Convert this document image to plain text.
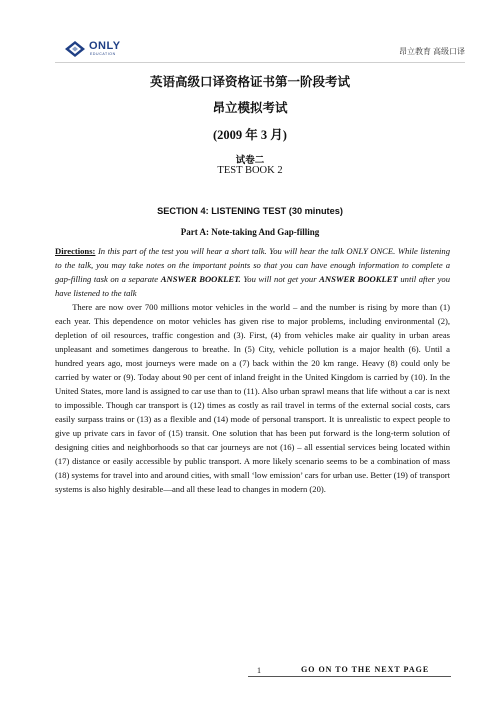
ONLY
EDUCATION	昂立教育 高级口译
英语高级口译资格证书第一阶段考试
昂立模拟考试
(2009 年 3 月)
试卷二
TEST BOOK 2
SECTION 4: LISTENING TEST (30 minutes)
Part A: Note-taking And Gap-filling
Directions: In this part of the test you will hear a short talk. You will hear the talk ONLY ONCE. While listening to the talk, you may take notes on the important points so that you can have enough information to complete a gap-filling task on a separate ANSWER BOOKLET. You will not get your ANSWER BOOKLET until after you have listened to the talk

There are now over 700 millions motor vehicles in the world – and the number is rising by more than (1) each year. This dependence on motor vehicles has given rise to major problems, including environmental (2), depletion of oil resources, traffic congestion and (3). First, (4) from vehicles make air quality in urban areas unpleasant and sometimes dangerous to breathe. In (5) City, vehicle pollution is a major health (6). Until a hundred years ago, most journeys were made on a (7) back within the 20 km range. Heavy (8) could only be carried by water or (9). Today about 90 per cent of inland freight in the United Kingdom is carried by (10). In the United States, more land is assigned to car use than to (11). Also urban sprawl means that life without a car is next to impossible. Though car transport is (12) times as costly as rail travel in terms of the external social costs, cars easily surpass trains or (13) as a flexible and (14) mode of personal transport. It is unrealistic to expect people to give up private cars in favor of (15) transit. One solution that has been put forward is the long-term solution of designing cities and neighborhoods so that car journeys are not (16) – all essential services being located within (17) distance or easily accessible by public transport. A more likely scenario seems to be a combination of mass (18) systems for travel into and around cities, with small ‘low emission’ cars for urban use. Better (19) of transport systems is also highly desirable—and all these lead to changes in modern (20).

1	GO ON TO THE NEXT PAGE
